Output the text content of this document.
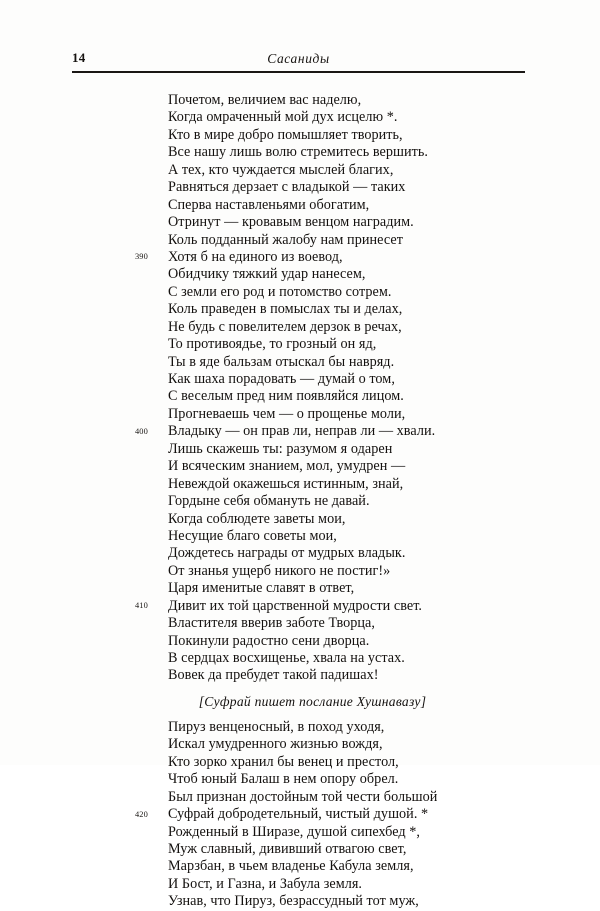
14	Сасаниды
Почетом, величием вас наделю,
Когда омраченный мой дух исцелю *.
Кто в мире добро помышляет творить,
Все нашу лишь волю стремитесь вершить.
А тех, кто чуждается мыслей благих,
Равняться дерзает с владыкой — таких
Сперва наставленьями обогатим,
Отринут — кровавым венцом наградим.
Коль подданный жалобу нам принесет
390 Хотя б на единого из воевод,
Обидчику тяжкий удар нанесем,
С земли его род и потомство сотрем.
Коль праведен в помыслах ты и делах,
Не будь с повелителем дерзок в речах,
То противоядье, то грозный он яд,
Ты в яде бальзам отыскал бы навряд.
Как шаха порадовать — думай о том,
С веселым пред ним появляйся лицом.
Прогневаешь чем — о прощенье моли,
400 Владыку — он прав ли, неправ ли — хвали.
Лишь скажешь ты: разумом я одарен
И всяческим знанием, мол, умудрен —
Невеждой окажешься истинным, знай,
Гордыне себя обмануть не давай.
Когда соблюдете заветы мои,
Несущие благо советы мои,
Дождетесь награды от мудрых владык.
От знанья ущерб никого не постиг!»
Царя именитые славят в ответ,
410 Дивит их той царственной мудрости свет.
Властителя вверив заботе Творца,
Покинули радостно сени дворца.
В сердцах восхищенье, хвала на устах.
Вовек да пребудет такой падишах!
[Суфрай пишет послание Хушнавазу]
Пируз венценосный, в поход уходя,
Искал умудренного жизнью вождя,
Кто зорко хранил бы венец и престол,
Чтоб юный Балаш в нем опору обрел.
Был признан достойным той чести большой
420 Суфрай добродетельный, чистый душой. *
Рожденный в Ширазе, душой сипехбед *,
Муж славный, дививший отвагою свет,
Марзбан, в чьем владенье Кабула земля,
И Бост, и Газна, и Забула земля.
Узнав, что Пируз, безрассудный тот муж,
